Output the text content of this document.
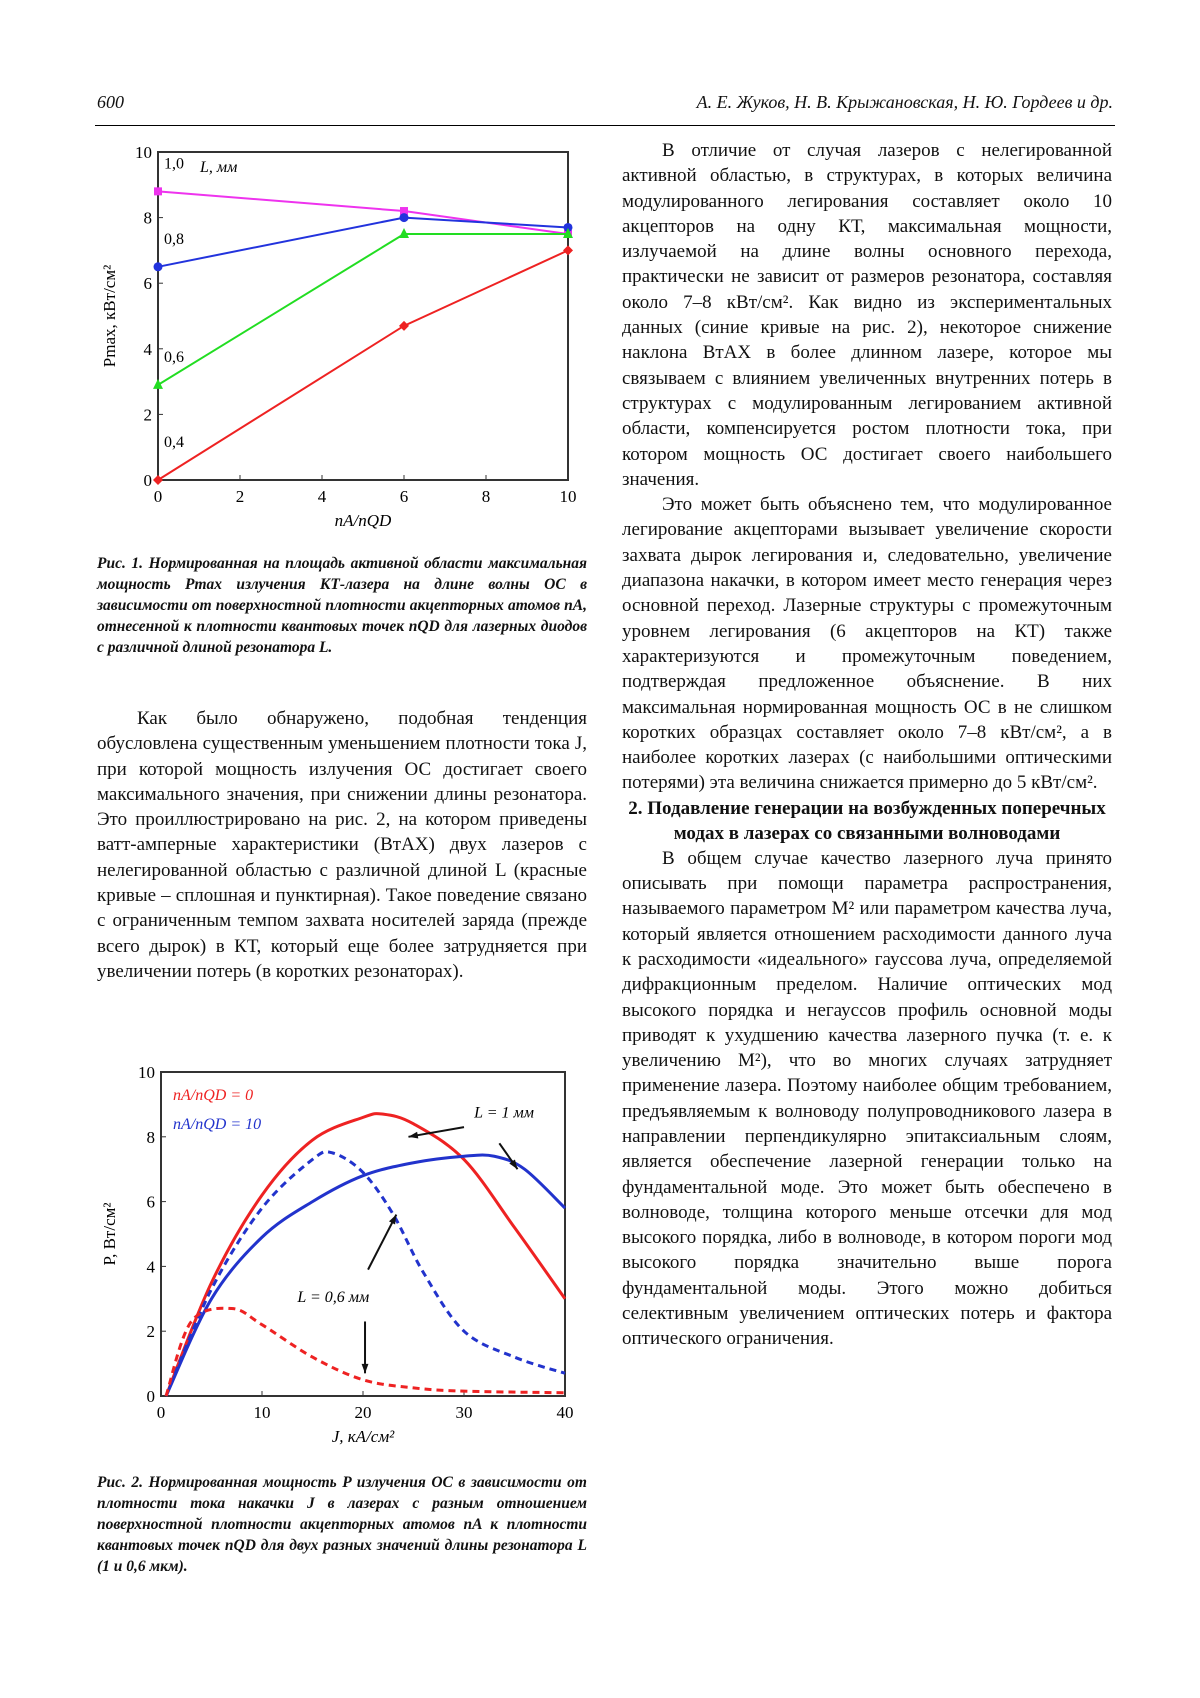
600	А. Е. Жуков, Н. В. Крыжановская, Н. Ю. Гордеев и др.
0	2	4	6	8	10
0
2
4
6
8
10
nA/nQD
Pmax, кВт/см²
L, мм
1,0
0,8
0,6
0,4
Рис. 1. Нормированная на площадь активной области максимальная мощность Pmax излучения КТ-лазера на длине волны ОС в зависимости от поверхностной плотности акцепторных атомов nA, отнесенной к плотности квантовых точек nQD для лазерных диодов с различной длиной резонатора L.

Как было обнаружено, подобная тенденция обусловлена существенным уменьшением плотности тока J, при которой мощность излучения ОС достигает своего максимального значения, при снижении длины резонатора. Это проиллюстрировано на рис. 2, на котором приведены ватт-амперные характеристики (ВтАХ) двух лазеров с нелегированной областью с различной длиной L (красные кривые – сплошная и пунктирная). Такое поведение связано с ограниченным темпом захвата носителей заряда (прежде всего дырок) в КТ, который еще более затрудняется при увеличении потерь (в коротких резонаторах).

0	10	20	30	40
0
2
4
6
8
10
J, кА/см²
P, Вт/см²
nA/nQD = 0
nA/nQD = 10
L = 1 мм
L = 0,6 мм
Рис. 2. Нормированная мощность P излучения ОС в зависимости от плотности тока накачки J в лазерах с разным отношением поверхностной плотности акцепторных атомов nA к плотности квантовых точек nQD для двух разных значений длины резонатора L (1 и 0,6 мкм).

В отличие от случая лазеров с нелегированной активной областью, в структурах, в которых величина модулированного легирования составляет около 10 акцепторов на одну КТ, максимальная мощности, излучаемой на длине волны основного перехода, практически не зависит от размеров резонатора, составляя около 7–8 кВт/см². Как видно из экспериментальных данных (синие кривые на рис. 2), некоторое снижение наклона ВтАХ в более длинном лазере, которое мы связываем с влиянием увеличенных внутренних потерь в структурах с модулированным легированием активной области, компенсируется ростом плотности тока, при котором мощность ОС достигает своего наибольшего значения.

Это может быть объяснено тем, что модулированное легирование акцепторами вызывает увеличение скорости захвата дырок легирования и, следовательно, увеличение диапазона накачки, в котором имеет место генерация через основной переход. Лазерные структуры с промежуточным уровнем легирования (6 акцепторов на КТ) также характеризуются и промежуточным поведением, подтверждая предложенное объяснение. В них максимальная нормированная мощность ОС в не слишком коротких образцах составляет около 7–8 кВт/см², а в наиболее коротких лазерах (с наибольшими оптическими потерями) эта величина снижается примерно до 5 кВт/см².

2. Подавление генерации на возбужденных поперечных модах в лазерах со связанными волноводами

В общем случае качество лазерного луча принято описывать при помощи параметра распространения, называемого параметром M² или параметром качества луча, который является отношением расходимости данного луча к расходимости «идеального» гауссова луча, определяемой дифракционным пределом. Наличие оптических мод высокого порядка и негауссов профиль основной моды приводят к ухудшению качества лазерного пучка (т. е. к увеличению M²), что во многих случаях затрудняет применение лазера. Поэтому наиболее общим требованием, предъявляемым к волноводу полупроводникового лазера в направлении перпендикулярно эпитаксиальным слоям, является обеспечение лазерной генерации только на фундаментальной моде. Это может быть обеспечено в волноводе, толщина которого меньше отсечки для мод высокого порядка, либо в волноводе, в котором пороги мод высокого порядка значительно выше порога фундаментальной моды. Этого можно добиться селективным увеличением оптических потерь и фактора оптического ограничения.
